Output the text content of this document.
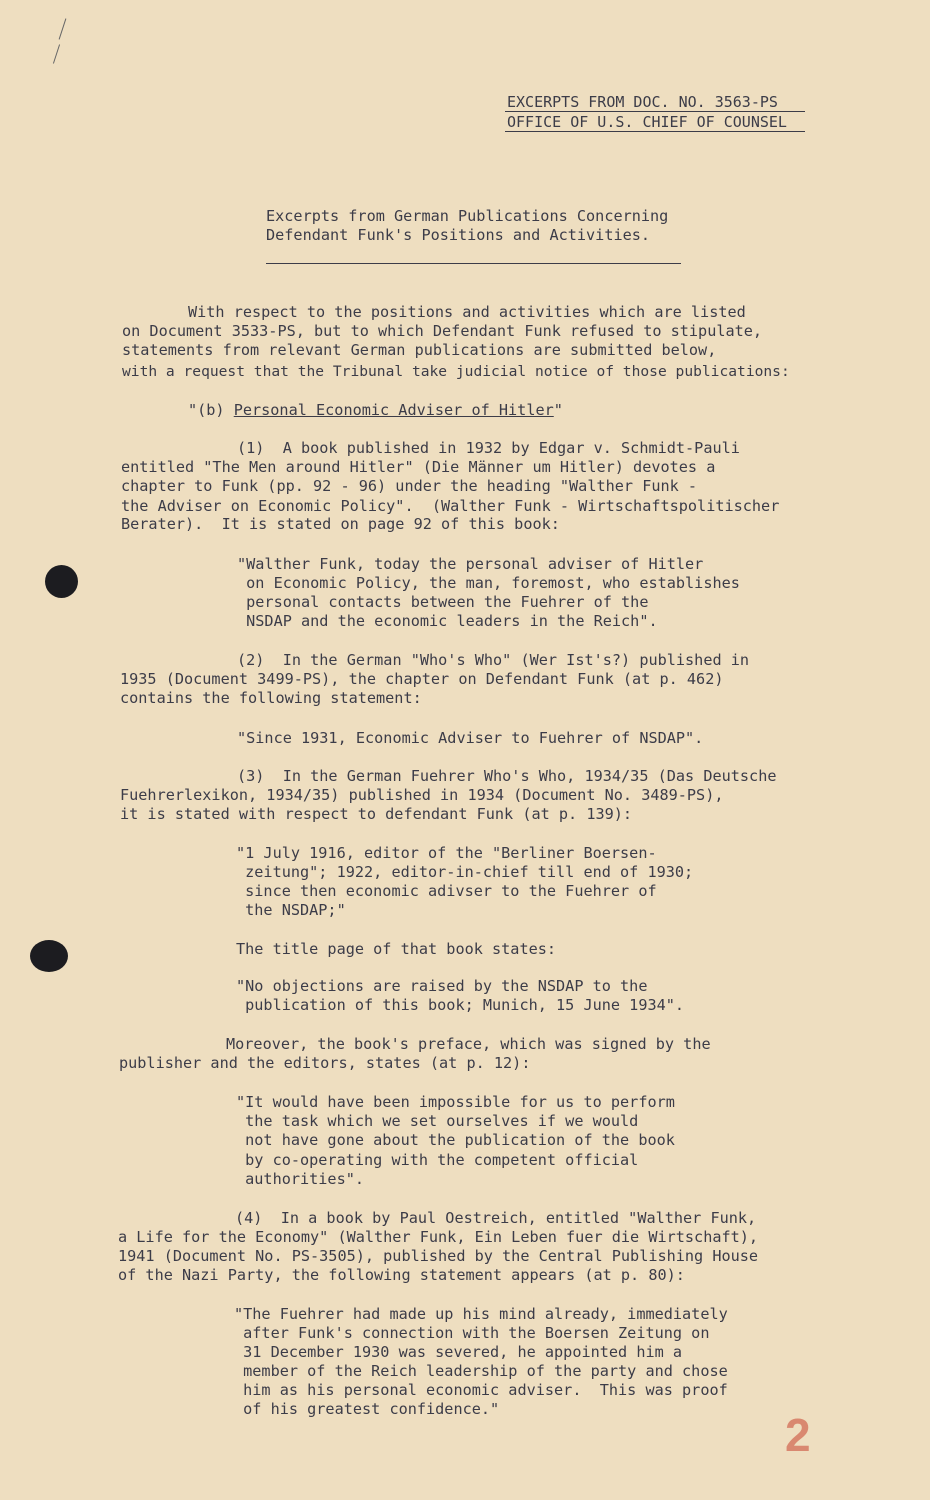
EXCERPTS FROM DOC. NO. 3563-PS
OFFICE OF U.S. CHIEF OF COUNSEL
Excerpts from German Publications Concerning
Defendant Funk's Positions and Activities.
With respect to the positions and activities which are listed
on Document 3533-PS, but to which Defendant Funk refused to stipulate,
statements from relevant German publications are submitted below,
with a request that the Tribunal take judicial notice of those publications:
"(b) Personal Economic Adviser of Hitler"
(1)  A book published in 1932 by Edgar v. Schmidt-Pauli
entitled "The Men around Hitler" (Die Männer um Hitler) devotes a
chapter to Funk (pp. 92 - 96) under the heading "Walther Funk -
the Adviser on Economic Policy".  (Walther Funk - Wirtschaftspolitischer
Berater).  It is stated on page 92 of this book:
"Walther Funk, today the personal adviser of Hitler
on Economic Policy, the man, foremost, who establishes
personal contacts between the Fuehrer of the
NSDAP and the economic leaders in the Reich".
(2)  In the German "Who's Who" (Wer Ist's?) published in
1935 (Document 3499-PS), the chapter on Defendant Funk (at p. 462)
contains the following statement:
"Since 1931, Economic Adviser to Fuehrer of NSDAP".
(3)  In the German Fuehrer Who's Who, 1934/35 (Das Deutsche
Fuehrerlexikon, 1934/35) published in 1934 (Document No. 3489-PS),
it is stated with respect to defendant Funk (at p. 139):
"1 July 1916, editor of the "Berliner Boersen-
zeitung"; 1922, editor-in-chief till end of 1930;
since then economic adivser to the Fuehrer of
the NSDAP;"
The title page of that book states:
"No objections are raised by the NSDAP to the
publication of this book; Munich, 15 June 1934".
Moreover, the book's preface, which was signed by the
publisher and the editors, states (at p. 12):
"It would have been impossible for us to perform
the task which we set ourselves if we would
not have gone about the publication of the book
by co-operating with the competent official
authorities".
(4)  In a book by Paul Oestreich, entitled "Walther Funk,
a Life for the Economy" (Walther Funk, Ein Leben fuer die Wirtschaft),
1941 (Document No. PS-3505), published by the Central Publishing House
of the Nazi Party, the following statement appears (at p. 80):
"The Fuehrer had made up his mind already, immediately
after Funk's connection with the Boersen Zeitung on
31 December 1930 was severed, he appointed him a
member of the Reich leadership of the party and chose
him as his personal economic adviser.  This was proof
of his greatest confidence."	2
